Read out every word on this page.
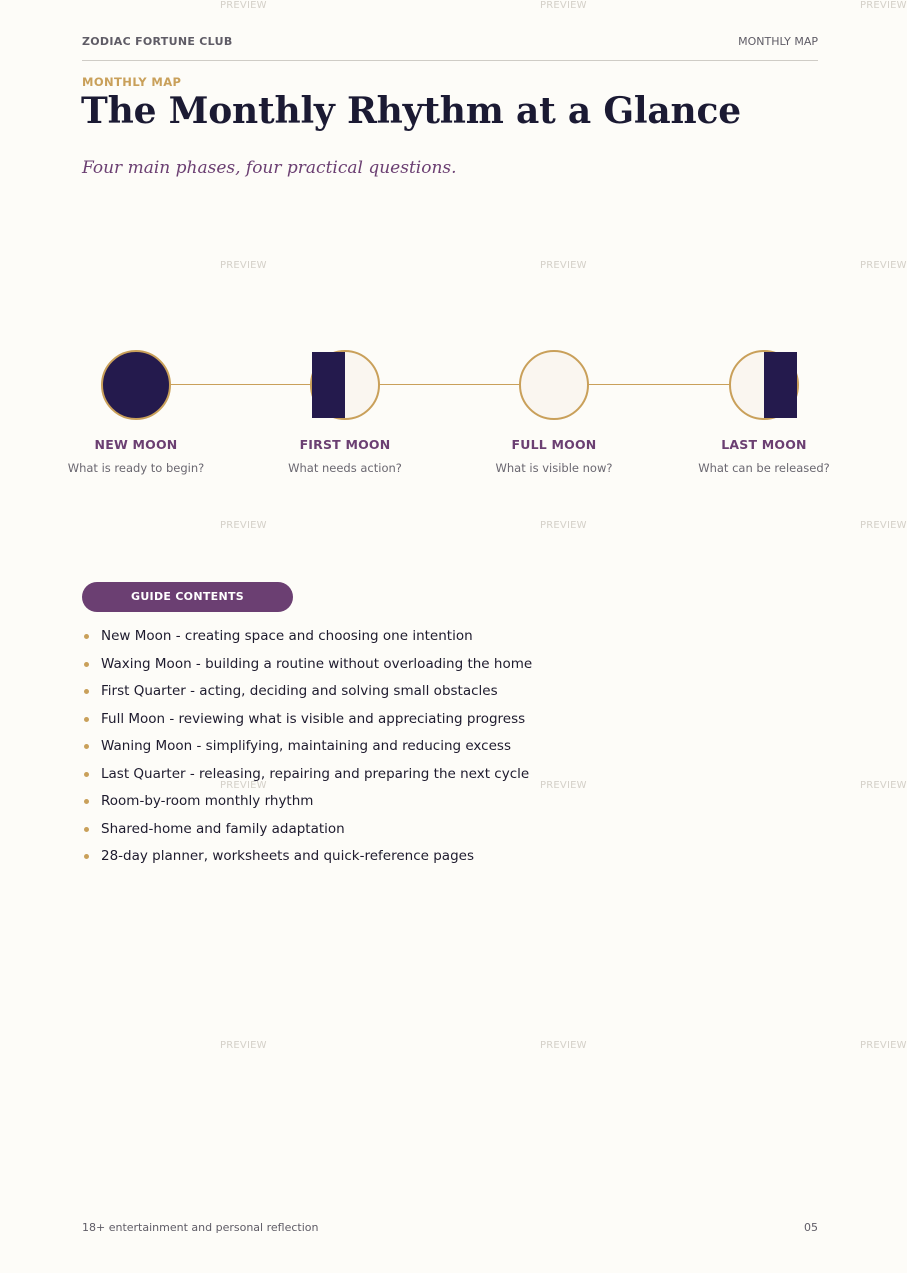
PREVIEW	PREVIEW	PREVIEW
PREVIEW	PREVIEW	PREVIEW
PREVIEW	PREVIEW	PREVIEW
PREVIEW	PREVIEW	PREVIEW
PREVIEW	PREVIEW	PREVIEW
ZODIAC FORTUNE CLUB	MONTHLY MAP
MONTHLY MAP
The Monthly Rhythm at a Glance
Four main phases, four practical questions.
NEW MOON
What is ready to begin?
FIRST MOON
What needs action?
FULL MOON
What is visible now?
LAST MOON
What can be released?
GUIDE CONTENTS
New Moon - creating space and choosing one intention
Waxing Moon - building a routine without overloading the home
First Quarter - acting, deciding and solving small obstacles
Full Moon - reviewing what is visible and appreciating progress
Waning Moon - simplifying, maintaining and reducing excess
Last Quarter - releasing, repairing and preparing the next cycle
Room-by-room monthly rhythm
Shared-home and family adaptation
28-day planner, worksheets and quick-reference pages
18+ entertainment and personal reflection	05
